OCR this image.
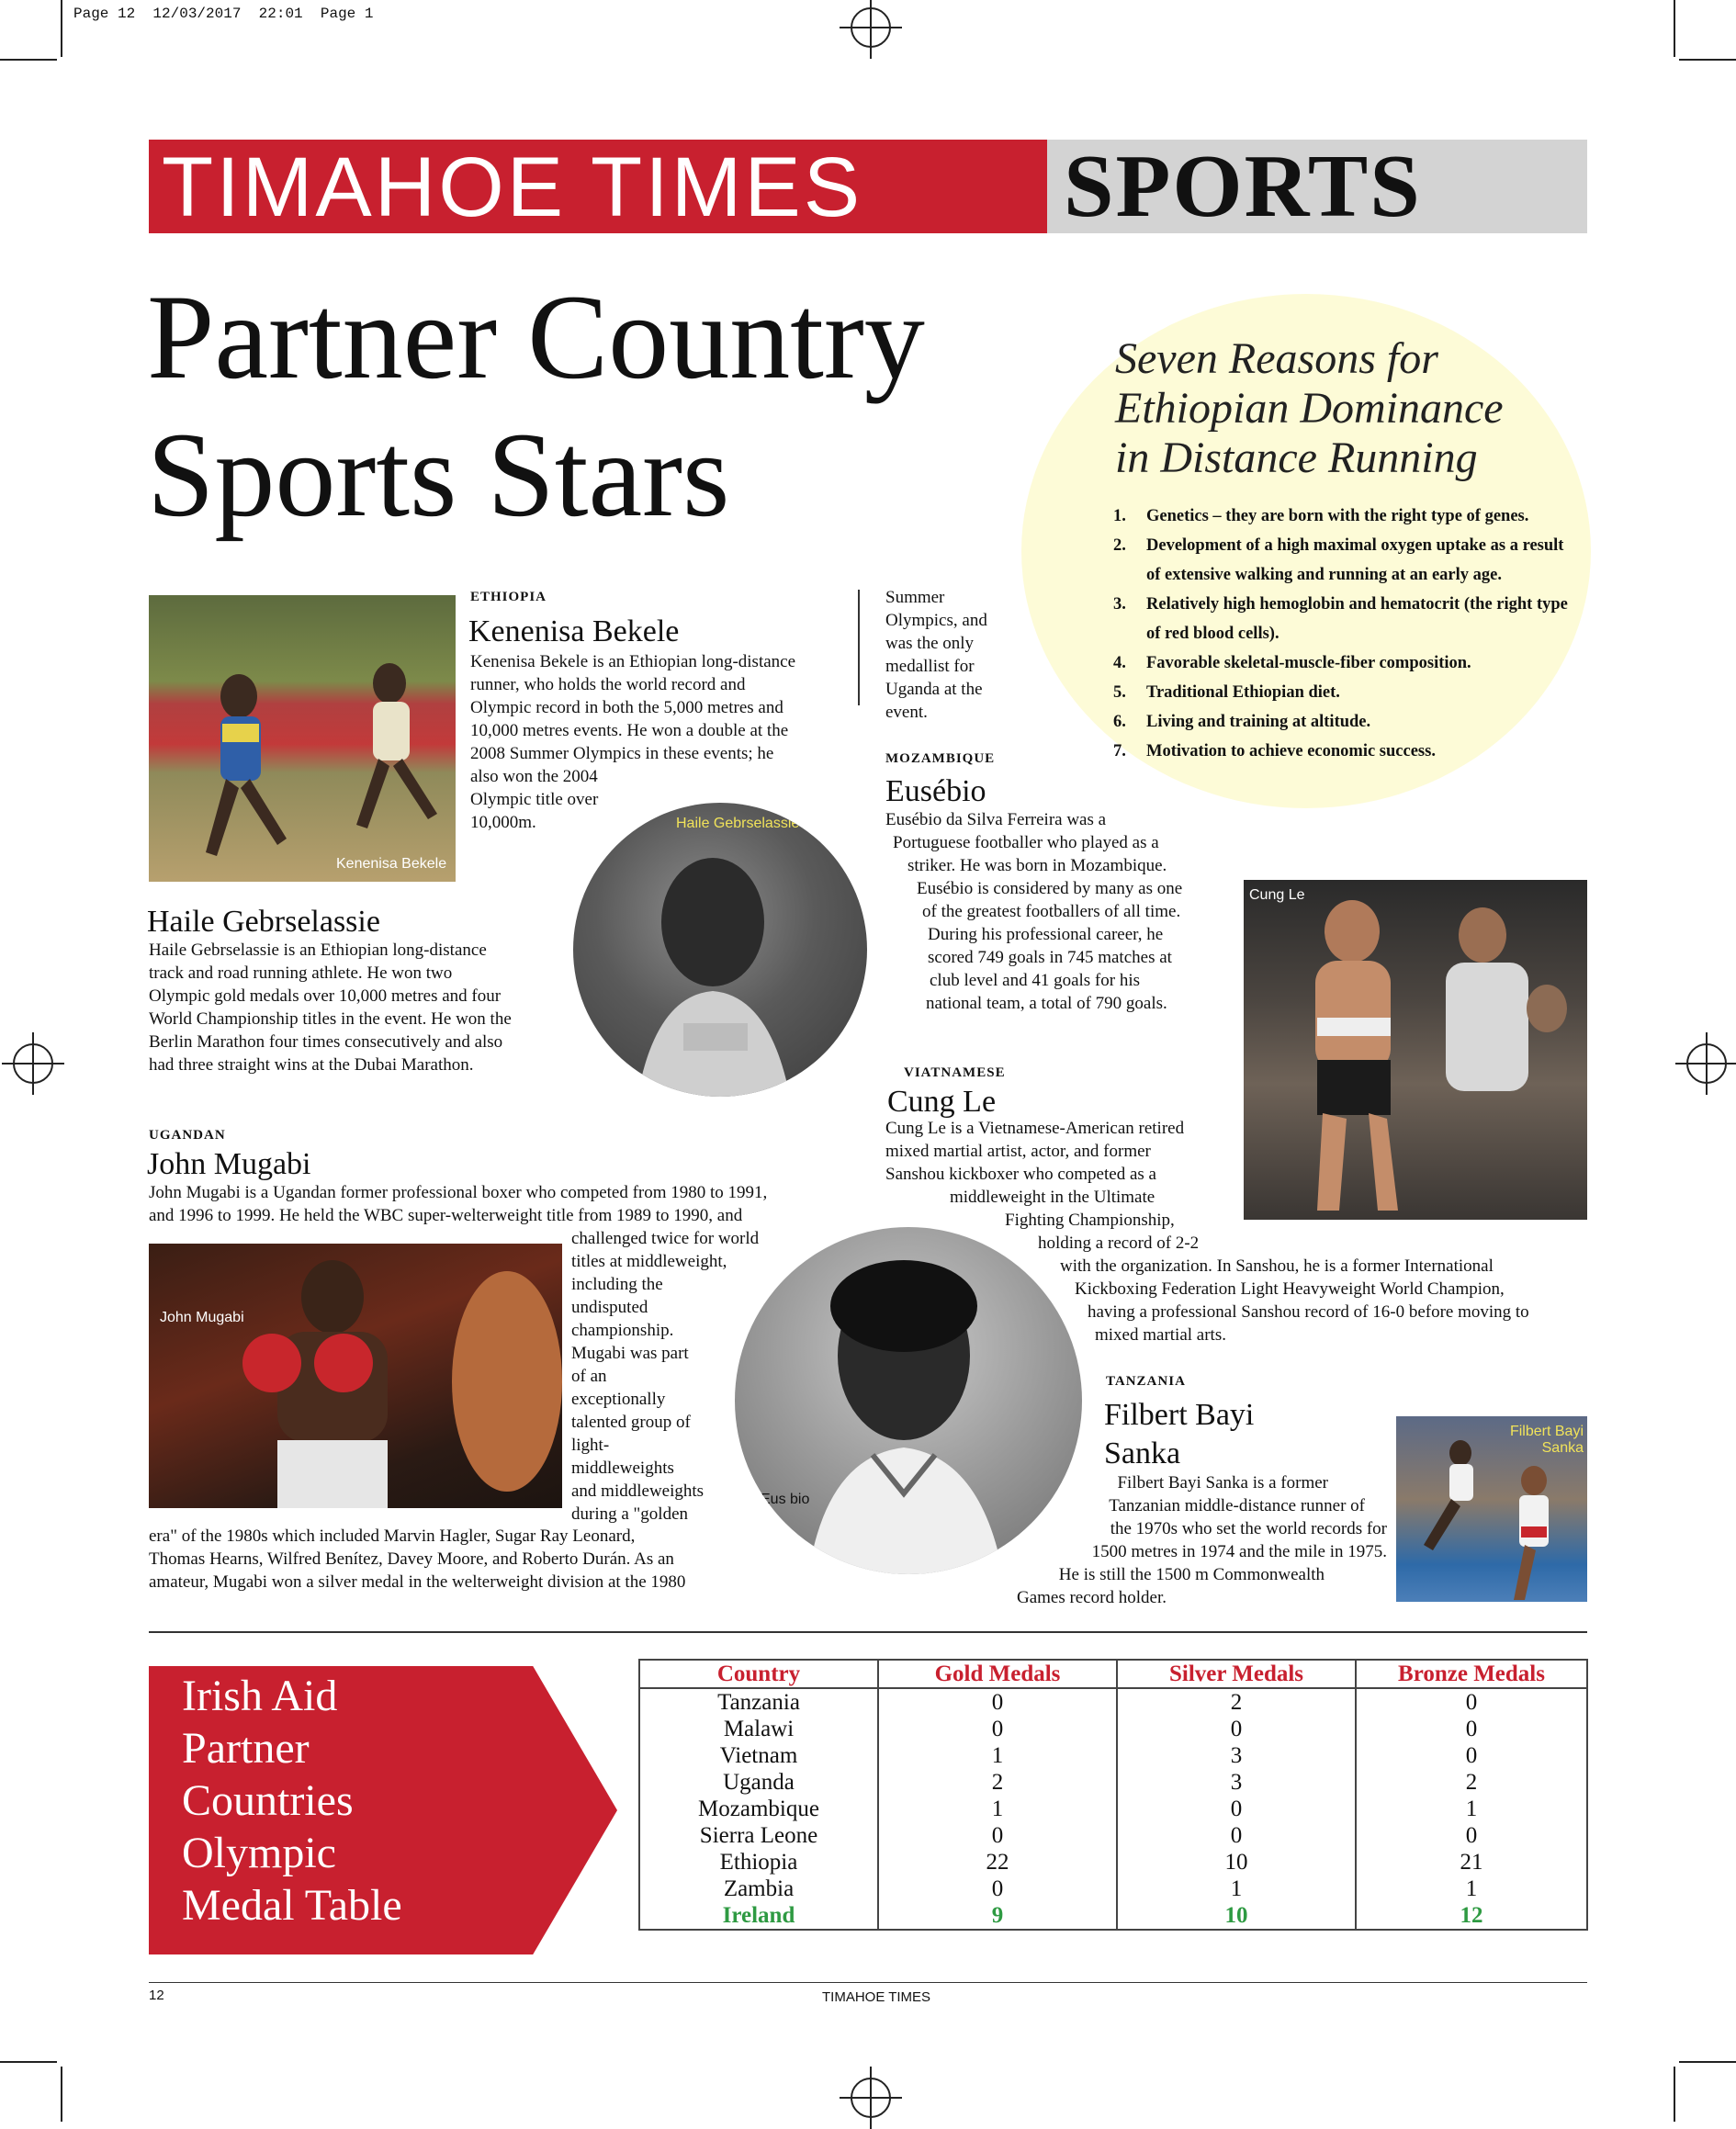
Page 12 12/03/2017 22:01 Page 1
TIMAHOE TIMES SPORTS
Partner Country
Sports Stars
Seven Reasons for
Ethiopian Dominance
in Distance Running
1. Genetics – they are born with the right type of genes.
2. Development of a high maximal oxygen uptake as a result of extensive walking and running at an early age.
3. Relatively high hemoglobin and hematocrit (the right type of red blood cells).
4. Favorable skeletal-muscle-fiber composition.
5. Traditional Ethiopian diet.
6. Living and training at altitude.
7. Motivation to achieve economic success.
Kenenisa Bekele
ETHIOPIA
Kenenisa Bekele
Kenenisa Bekele is an Ethiopian long-distance
runner, who holds the world record and
Olympic record in both the 5,000 metres and
10,000 metres events. He won a double at the
2008 Summer Olympics in these events; he
also won the 2004
Olympic title over
10,000m.
Summer
Olympics, and
was the only
medallist for
Uganda at the
event.
Haile Gebrselassie
Haile Gebrselassie
Haile Gebrselassie is an Ethiopian long-distance
track and road running athlete. He won two
Olympic gold medals over 10,000 metres and four
World Championship titles in the event. He won the
Berlin Marathon four times consecutively and also
had three straight wins at the Dubai Marathon.
MOZAMBIQUE
Eusébio
Eusébio da Silva Ferreira was a
Portuguese footballer who played as a
striker. He was born in Mozambique.
Eusébio is considered by many as one
of the greatest footballers of all time.
During his professional career, he
scored 749 goals in 745 matches at
club level and 41 goals for his
national team, a total of 790 goals.
Cung Le
VIATNAMESE
Cung Le
Cung Le is a Vietnamese-American retired
mixed martial artist, actor, and former
Sanshou kickboxer who competed as a
middleweight in the Ultimate
Fighting Championship,
holding a record of 2-2
with the organization. In Sanshou, he is a former International
Kickboxing Federation Light Heavyweight World Champion,
having a professional Sanshou record of 16-0 before moving to
mixed martial arts.
UGANDAN
John Mugabi
John Mugabi is a Ugandan former professional boxer who competed from 1980 to 1991,
and 1996 to 1999. He held the WBC super-welterweight title from 1989 to 1990, and
John Mugabi
challenged twice for world
titles at middleweight,
including the
undisputed
championship.
Mugabi was part
of an
exceptionally
talented group of
light-
middleweights
and middleweights
during a "golden
Eus bio
era" of the 1980s which included Marvin Hagler, Sugar Ray Leonard,
Thomas Hearns, Wilfred Benítez, Davey Moore, and Roberto Durán. As an
amateur, Mugabi won a silver medal in the welterweight division at the 1980
TANZANIA
Filbert Bayi
Sanka
Filbert Bayi Sanka is a former
Tanzanian middle-distance runner of
the 1970s who set the world records for
1500 metres in 1974 and the mile in 1975.
He is still the 1500 m Commonwealth
Games record holder.
Filbert Bayi
Sanka
Irish Aid
Partner
Countries
Olympic
Medal Table
Country	Gold Medals	Silver Medals	Bronze Medals
Tanzania	0	2	0
Malawi	0	0	0
Vietnam	1	3	0
Uganda	2	3	2
Mozambique	1	0	1
Sierra Leone	0	0	0
Ethiopia	22	10	21
Zambia	0	1	1
Ireland	9	10	12
12	TIMAHOE TIMES
